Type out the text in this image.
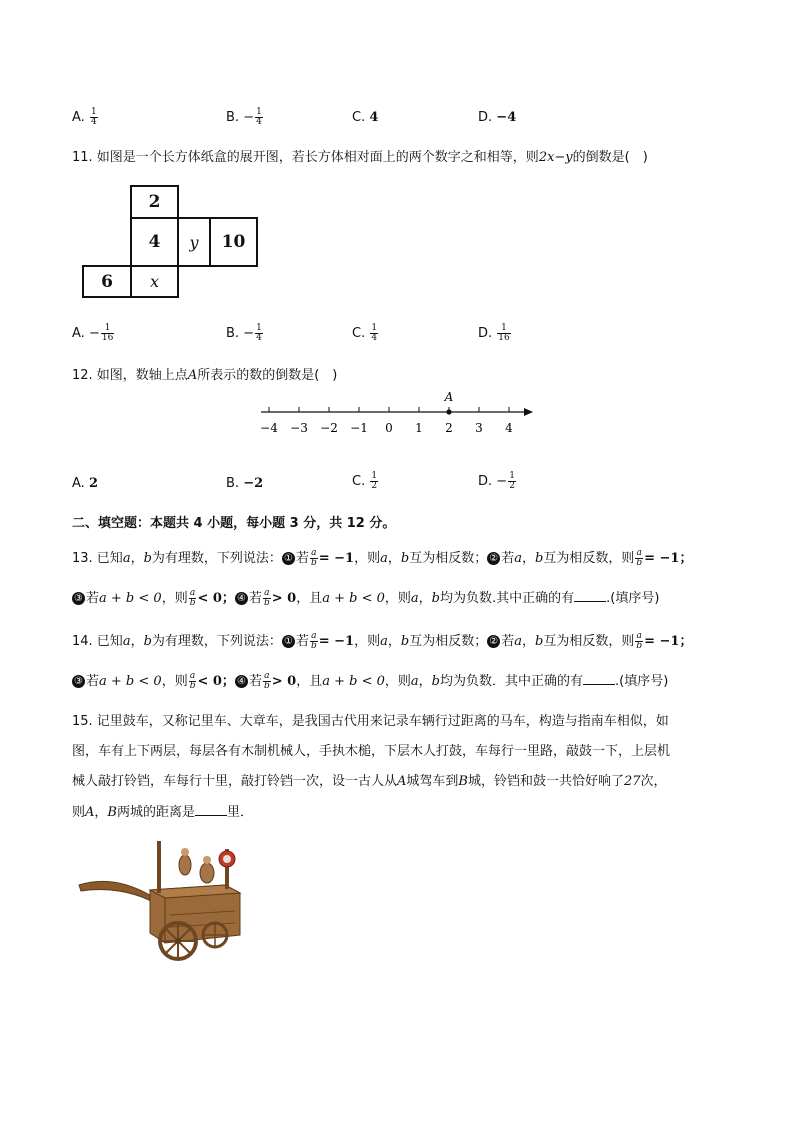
A. $\frac{1}{4}$	B. − $\frac{1}{4}$	C. 4	D. −4
11. 如图是一个长方体纸盒的展开图，若长方体相对面上的两个数字之和相等，则2x−y的倒数是(　)
2
4	y	10
6	x
A. − $\frac{1}{16}$	B. − $\frac{1}{4}$	C. $\frac{1}{4}$	D. $\frac{1}{16}$
12. 如图，数轴上点A所表示的数的倒数是(　)
−4 −3 −2 −1 0 1 2 3 4
A
A. 2	B. −2	C. $\frac{1}{2}$	D. − $\frac{1}{2}$
二、填空题：本题共 4 小题，每小题 3 分，共 12 分。
13. 已知a，b为有理数，下列说法： ① 若 $\frac{a}{b} = -1$，则a，b互为相反数； ② 若a，b互为相反数，则 $\frac{a}{b} = -1$；
③ 若a + b < 0，则 $\frac{a}{b} < 0$； ④ 若 $\frac{a}{b} > 0$，且a + b < 0，则a，b均为负数.其中正确的有 .(填序号)
14. 已知a，b为有理数，下列说法： ① 若 $\frac{a}{b} = -1$，则a，b互为相反数； ② 若a，b互为相反数，则 $\frac{a}{b} = -1$；
③ 若a + b < 0，则 $\frac{a}{b} < 0$； ④ 若 $\frac{a}{b} > 0$，且a + b < 0，则a，b均为负数．其中正确的有 .(填序号)
15. 记里鼓车，又称记里车、大章车，是我国古代用来记录车辆行过距离的马车，构造与指南车相似，如
图，车有上下两层，每层各有木制机械人，手执木槌，下层木人打鼓，车每行一里路，敲鼓一下，上层机
械人敲打铃铛，车每行十里，敲打铃铛一次，设一古人从A城驾车到B城，铃铛和鼓一共恰好响了27次，
则A，B两城的距离是 里．
